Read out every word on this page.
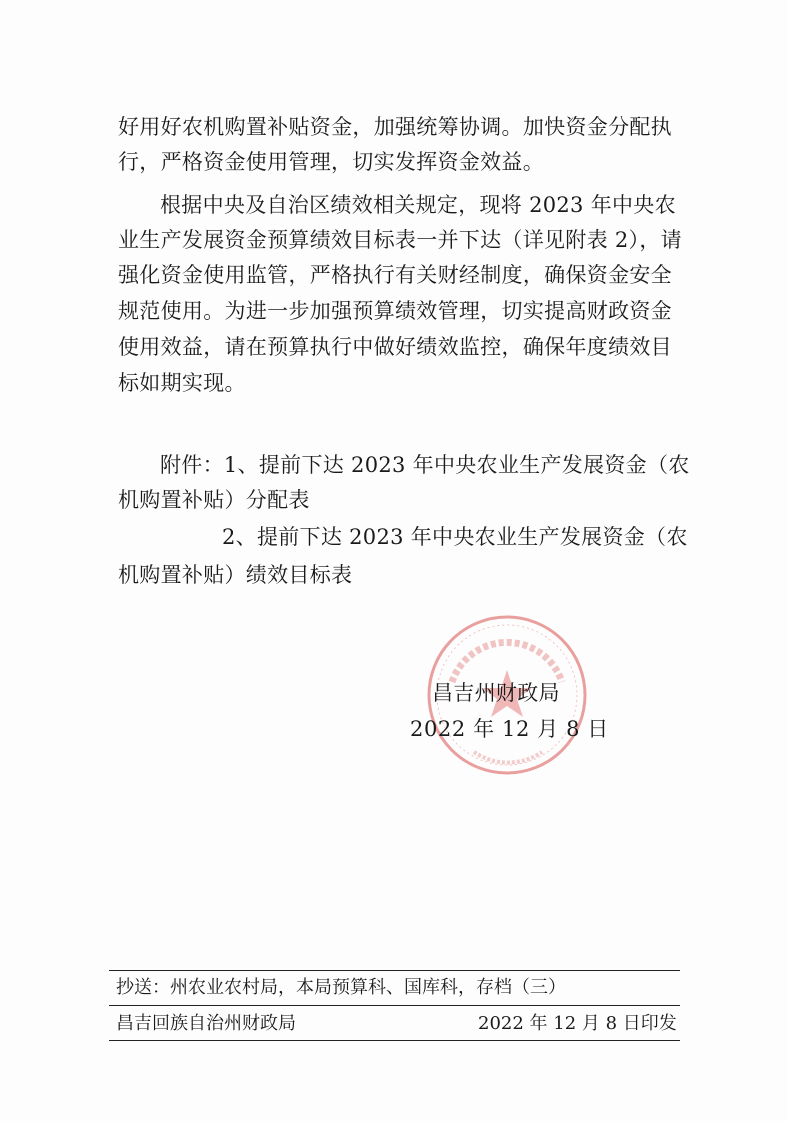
好用好农机购置补贴资金，加强统筹协调。加快资金分配执
行，严格资金使用管理，切实发挥资金效益。
根据中央及自治区绩效相关规定，现将 2023 年中央农
业生产发展资金预算绩效目标表一并下达（详见附表 2），请
强化资金使用监管，严格执行有关财经制度，确保资金安全
规范使用。为进一步加强预算绩效管理，切实提高财政资金
使用效益，请在预算执行中做好绩效监控，确保年度绩效目
标如期实现。
附件：1、提前下达 2023 年中央农业生产发展资金（农
机购置补贴）分配表
2、提前下达 2023 年中央农业生产发展资金（农
机购置补贴）绩效目标表
昌吉州财政局
2022 年 12 月 8 日
抄送：州农业农村局，本局预算科、国库科，存档（三）
昌吉回族自治州财政局	2022 年 12 月 8 日印发
